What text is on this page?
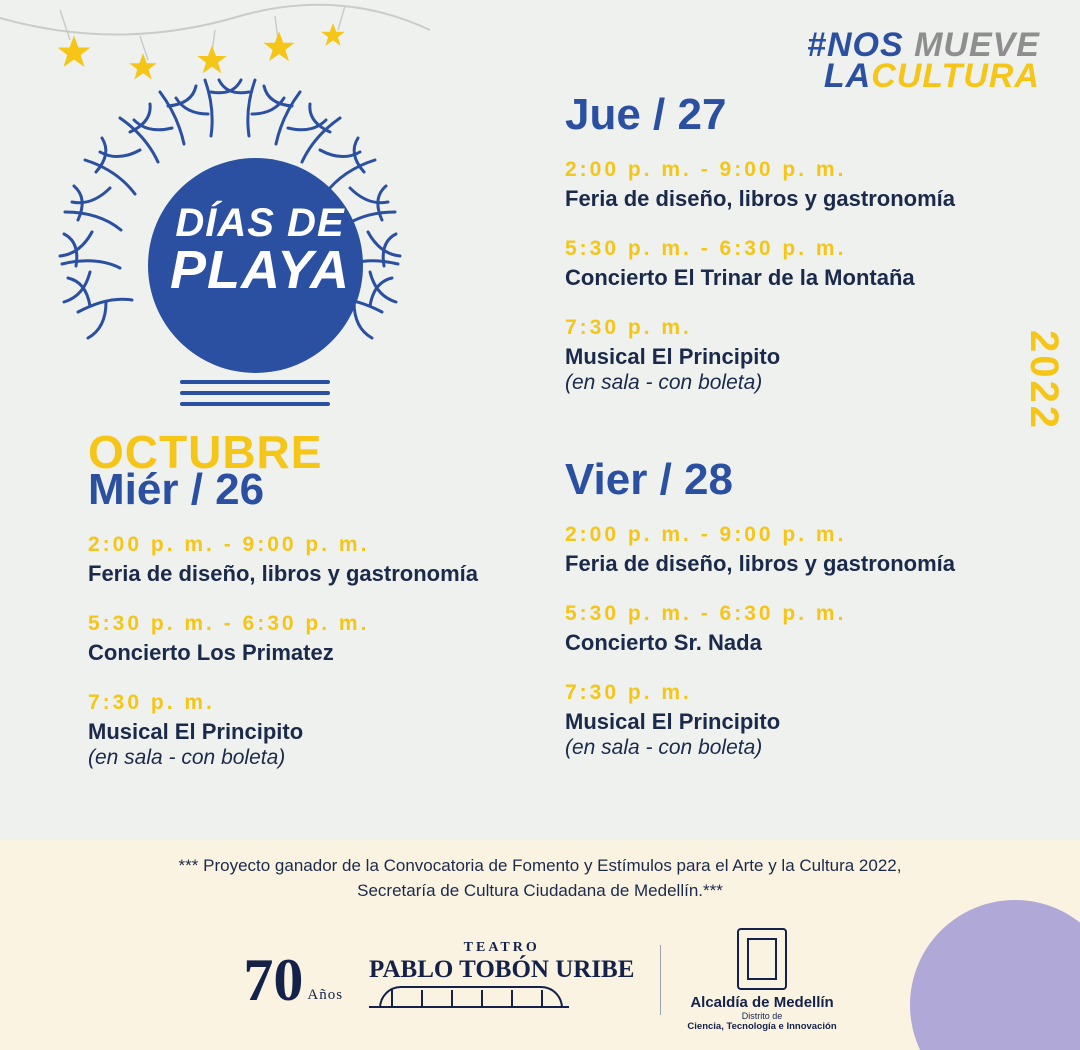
DÍAS DE
PLAYA
#NOS MUEVE
LACULTURA
2022
OCTUBRE
Miér / 26
2:00 p. m. - 9:00 p. m.
Feria de diseño, libros y gastronomía
5:30 p. m. - 6:30 p. m.
Concierto Los Primatez
7:30 p. m.
Musical El Principito
(en sala - con boleta)
Jue / 27
2:00 p. m. - 9:00 p. m.
Feria de diseño, libros y gastronomía
5:30 p. m. - 6:30 p. m.
Concierto El Trinar de la Montaña
7:30 p. m.
Musical El Principito
(en sala - con boleta)
Vier / 28
2:00 p. m. - 9:00 p. m.
Feria de diseño, libros y gastronomía
5:30 p. m. - 6:30 p. m.
Concierto Sr. Nada
7:30 p. m.
Musical El Principito
(en sala - con boleta)
*** Proyecto ganador de la Convocatoria de Fomento y Estímulos para el Arte y la Cultura 2022,
Secretaría de Cultura Ciudadana de Medellín.***
70 Años
TEATRO
PABLO TOBÓN URIBE
Alcaldía de Medellín
Distrito de
Ciencia, Tecnología e Innovación
